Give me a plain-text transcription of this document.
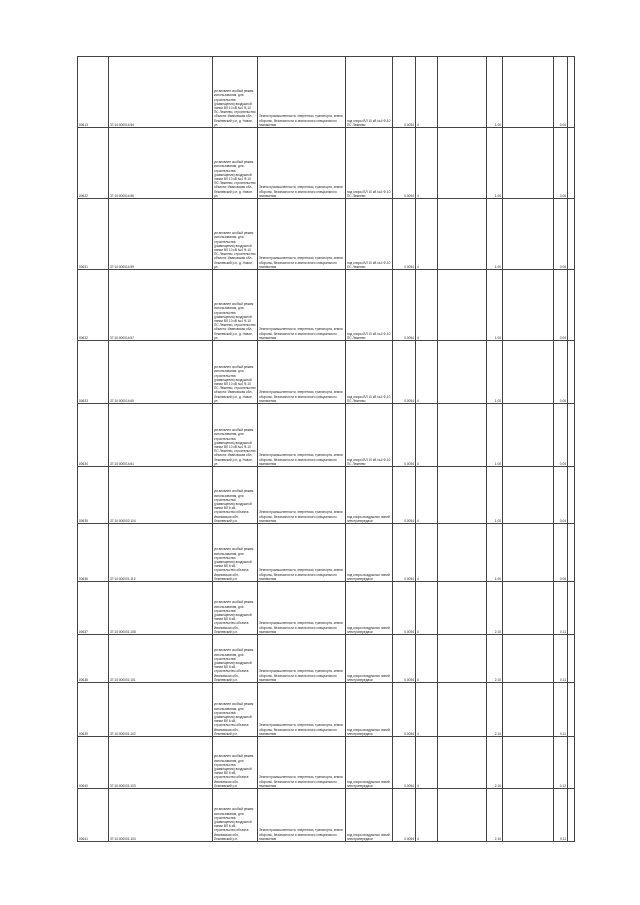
00613	37:10:000014:54	установлен особый режим использования, для строительства (размещения) воздушной линии ВЛ 10 кВ №4 Ф-10 ПС Лежнево, строительство объекта: Ивановская обл., Лежневский р-н, д. Новое, ул.	Земли промышленности, энергетики, транспорта, земли обороны, безопасности и земли иного специального назначения	под опоры ВЛ 10 кВ №4 Ф-10 ПС Лежнево	0.0054	4		1.00		0.04	
00622	37:10:000014:56	установлен особый режим использования, для строительства (размещения) воздушной линии ВЛ 10 кВ №4 Ф-10 ПС Лежнево, строительство объекта: Ивановская обл., Лежневский р-н, д. Новое, ул.	Земли промышленности, энергетики, транспорта, земли обороны, безопасности и земли иного специального назначения	под опоры ВЛ 10 кВ №4 Ф-10 ПС Лежнево	0.0054	4		1.00		0.06	
00631	37:10:000014:59	установлен особый режим использования, для строительства (размещения) воздушной линии ВЛ 10 кВ №4 Ф-10 ПС Лежнево, строительство объекта: Ивановская обл., Лежневский р-н, д. Новое, ул.	Земли промышленности, энергетики, транспорта, земли обороны, безопасности и земли иного специального назначения	под опоры ВЛ 10 кВ №4 Ф-10 ПС Лежнево	0.0054	4		1.00		0.06	
00632	37:10:000014:57	установлен особый режим использования, для строительства (размещения) воздушной линии ВЛ 10 кВ №4 Ф-10 ПС Лежнево, строительство объекта: Ивановская обл., Лежневский р-н, д. Новое, ул.	Земли промышленности, энергетики, транспорта, земли обороны, безопасности и земли иного специального назначения	под опоры ВЛ 10 кВ №4 Ф-10 ПС Лежнево	0.0054	4		1.00		0.04	
00633	37:10:000014:60	установлен особый режим использования, для строительства (размещения) воздушной линии ВЛ 10 кВ №4 Ф-10 ПС Лежнево, строительство объекта: Ивановская обл., Лежневский р-н, д. Новое, ул.	Земли промышленности, энергетики, транспорта, земли обороны, безопасности и земли иного специального назначения	под опоры ВЛ 10 кВ №4 Ф-10 ПС Лежнево	0.0054	4		1.00		0.06	
00634	37:10:000014:61	установлен особый режим использования, для строительства (размещения) воздушной линии ВЛ 10 кВ №4 Ф-10 ПС Лежнево, строительство объекта: Ивановская обл., Лежневский р-н, д. Новое, ул.	Земли промышленности, энергетики, транспорта, земли обороны, безопасности и земли иного специального назначения	под опоры ВЛ 10 кВ №4 Ф-10 ПС Лежнево	0.0054	4		1.00		0.04	
00635	37:10:000002:104	установлен особый режим использования, для строительства (размещения) воздушной линии ВЛ 6 кВ, строительство объекта: Ивановская обл., Лежневский р-н.	Земли промышленности, энергетики, транспорта, земли обороны, безопасности и земли иного специального назначения	под опоры воздушных линий электропередачи	0.0054	4		1.00		0.04	
00636	37:10:000001:110	установлен особый режим использования, для строительства (размещения) воздушной линии ВЛ 6 кВ, строительство объекта: Ивановская обл., Лежневский р-н.	Земли промышленности, энергетики, транспорта, земли обороны, безопасности и земли иного специального назначения	под опоры воздушных линий электропередачи	0.0054	4		1.00		0.06	
00637	37:10:000001:108	установлен особый режим использования, для строительства (размещения) воздушной линии ВЛ 6 кВ, строительство объекта: Ивановская обл., Лежневский р-н.	Земли промышленности, энергетики, транспорта, земли обороны, безопасности и земли иного специального назначения	под опоры воздушных линий электропередачи	0.0054	4		2.10		0.11	
00638	37:10:000001:101	установлен особый режим использования, для строительства (размещения) воздушной линии ВЛ 6 кВ, строительство объекта: Ивановская обл., Лежневский р-н.	Земли промышленности, энергетики, транспорта, земли обороны, безопасности и земли иного специального назначения	под опоры воздушных линий электропередачи	0.0054	4		2.10		0.11	
00639	37:10:000001:102	установлен особый режим использования, для строительства (размещения) воздушной линии ВЛ 6 кВ, строительство объекта: Ивановская обл., Лежневский р-н.	Земли промышленности, энергетики, транспорта, земли обороны, безопасности и земли иного специального назначения	под опоры воздушных линий электропередачи	0.0054	4		2.10		0.11	
00640	37:10:000001:103	установлен особый режим использования, для строительства (размещения) воздушной линии ВЛ 6 кВ, строительство объекта: Ивановская обл., Лежневский р-н.	Земли промышленности, энергетики, транспорта, земли обороны, безопасности и земли иного специального назначения	под опоры воздушных линий электропередачи	0.0054	4		2.10		0.12	
00641	37:10:000001:104	установлен особый режим использования, для строительства (размещения) воздушной линии ВЛ 6 кВ, строительство объекта: Ивановская обл., Лежневский р-н.	Земли промышленности, энергетики, транспорта, земли обороны, безопасности и земли иного специального назначения	под опоры воздушных линий электропередачи	0.0054	4		2.10		0.11	
